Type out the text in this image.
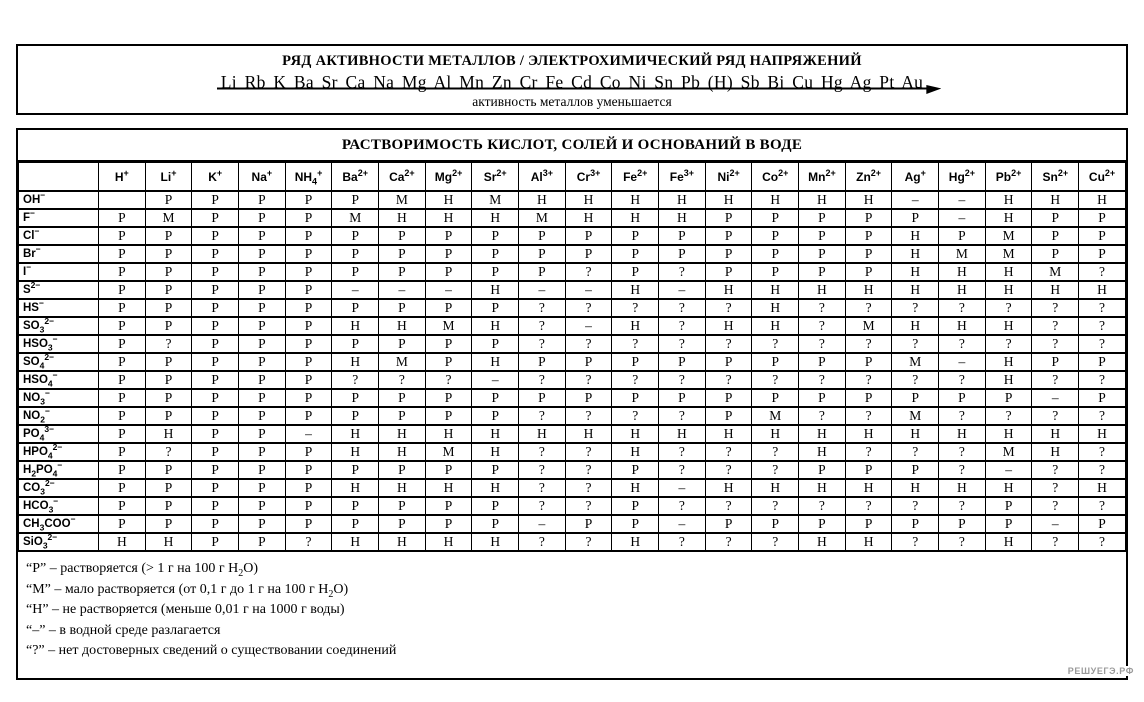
РЯД АКТИВНОСТИ МЕТАЛЛОВ / ЭЛЕКТРОХИМИЧЕСКИЙ РЯД НАПРЯЖЕНИЙ
Li Rb K Ba Sr Ca Na Mg Al Mn Zn Cr Fe Cd Co Ni Sn Pb (H) Sb Bi Cu Hg Ag Pt Au
активность металлов уменьшается
РАСТВОРИМОСТЬ КИСЛОТ, СОЛЕЙ И ОСНОВАНИЙ В ВОДЕ
	H+	Li+	K+	Na+	$NH_4^+$	$Ba^{2+}$	$Ca^{2+}$	$Mg^{2+}$	$Sr^{2+}$	$Al^{3+}$	$Cr^{3+}$	$Fe^{2+}$	$Fe^{3+}$	$Ni^{2+}$	$Co^{2+}$	$Mn^{2+}$	$Zn^{2+}$	Ag+	$Hg^{2+}$	$Pb^{2+}$	$Sn^{2+}$	$Cu^{2+}$
OH−		Р	Р	Р	Р	Р	М	Н	М	Н	Н	Н	Н	Н	Н	Н	Н	–	–	Н	Н	Н
F−	Р	М	Р	Р	Р	М	Н	Н	Н	М	Н	Н	Н	Р	Р	Р	Р	Р	–	Н	Р	Р
Cl−	Р	Р	Р	Р	Р	Р	Р	Р	Р	Р	Р	Р	Р	Р	Р	Р	Р	Н	Р	М	Р	Р
Br−	Р	Р	Р	Р	Р	Р	Р	Р	Р	Р	Р	Р	Р	Р	Р	Р	Р	Н	М	М	Р	Р
I−	Р	Р	Р	Р	Р	Р	Р	Р	Р	Р	?	Р	?	Р	Р	Р	Р	Н	Н	Н	М	?
$S^{2-}$	Р	Р	Р	Р	Р	–	–	–	Н	–	–	Н	–	Н	Н	Н	Н	Н	Н	Н	Н	Н
HS−	Р	Р	Р	Р	Р	Р	Р	Р	Р	?	?	?	?	?	Н	?	?	?	?	?	?	?
$SO_3^{2-}$	Р	Р	Р	Р	Р	Н	Н	М	Н	?	–	Н	?	Н	Н	?	М	Н	Н	Н	?	?
$HSO_3^-$	Р	?	Р	Р	Р	Р	Р	Р	Р	?	?	?	?	?	?	?	?	?	?	?	?	?
$SO_4^{2-}$	Р	Р	Р	Р	Р	Н	М	Р	Н	Р	Р	Р	Р	Р	Р	Р	Р	М	–	Н	Р	Р
$HSO_4^-$	Р	Р	Р	Р	Р	?	?	?	–	?	?	?	?	?	?	?	?	?	?	Н	?	?
$NO_3^-$	Р	Р	Р	Р	Р	Р	Р	Р	Р	Р	Р	Р	Р	Р	Р	Р	Р	Р	Р	Р	–	Р
$NO_2^-$	Р	Р	Р	Р	Р	Р	Р	Р	Р	?	?	?	?	Р	М	?	?	М	?	?	?	?
$PO_4^{3-}$	Р	Н	Р	Р	–	Н	Н	Н	Н	Н	Н	Н	Н	Н	Н	Н	Н	Н	Н	Н	Н	Н
$HPO_4^{2-}$	Р	?	Р	Р	Р	Н	Н	М	Н	?	?	Н	?	?	?	Н	?	?	?	М	Н	?
$H_2PO_4^-$	Р	Р	Р	Р	Р	Р	Р	Р	Р	?	?	Р	?	?	?	Р	Р	Р	?	–	?	?
$CO_3^{2-}$	Р	Р	Р	Р	Р	Н	Н	Н	Н	?	?	Н	–	Н	Н	Н	Н	Н	Н	Н	?	Н
$HCO_3^-$	Р	Р	Р	Р	Р	Р	Р	Р	Р	?	?	Р	?	?	?	?	?	?	?	Р	?	?
$CH_3COO^-$	Р	Р	Р	Р	Р	Р	Р	Р	Р	–	Р	Р	–	Р	Р	Р	Р	Р	Р	Р	–	Р
SiO$_3^{2-}$	Н	Н	Р	Р	?	Н	Н	Н	Н	?	?	Н	?	?	?	Н	Н	?	?	Н	?	?
“Р” – растворяется (> 1 г на 100 г $H_2O$)
“М” – мало растворяется (от 0,1 г до 1 г на 100 г $H_2O$)
“Н” – не растворяется (меньше 0,01 г на 1000 г воды)
“–” – в водной среде разлагается
“?” – нет достоверных сведений о существовании соединений
РЕШУЕГЭ.РФ
